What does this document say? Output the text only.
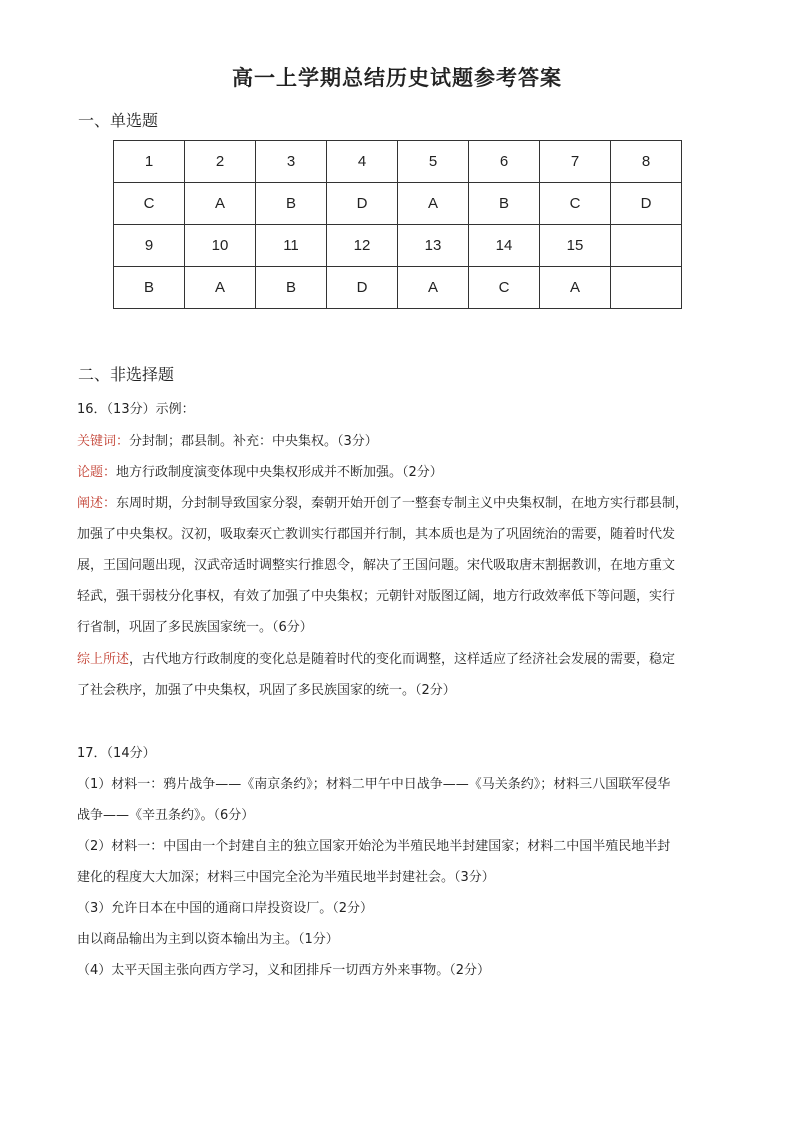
高一上学期总结历史试题参考答案
一、单选题
1	2	3	4	5	6	7	8
C	A	B	D	A	B	C	D
9	10	11	12	13	14	15	
B	A	B	D	A	C	A	
二、非选择题
16．（13分）示例：
关键词：分封制；郡县制。补充：中央集权。（3分）
论题：地方行政制度演变体现中央集权形成并不断加强。（2分）
阐述：东周时期，分封制导致国家分裂，秦朝开始开创了一整套专制主义中央集权制，在地方实行郡县制，
加强了中央集权。汉初，吸取秦灭亡教训实行郡国并行制，其本质也是为了巩固统治的需要，随着时代发
展，王国问题出现，汉武帝适时调整实行推恩令，解决了王国问题。宋代吸取唐末割据教训，在地方重文
轻武，强干弱枝分化事权，有效了加强了中央集权；元朝针对版图辽阔，地方行政效率低下等问题，实行
行省制，巩固了多民族国家统一。（6分）
综上所述，古代地方行政制度的变化总是随着时代的变化而调整，这样适应了经济社会发展的需要，稳定
了社会秩序，加强了中央集权，巩固了多民族国家的统一。（2分）
17．（14分）
（1）材料一：鸦片战争——《南京条约》；材料二甲午中日战争——《马关条约》；材料三八国联军侵华
战争——《辛丑条约》。（6分）
（2）材料一：中国由一个封建自主的独立国家开始沦为半殖民地半封建国家；材料二中国半殖民地半封
建化的程度大大加深；材料三中国完全沦为半殖民地半封建社会。（3分）
（3）允许日本在中国的通商口岸投资设厂。（2分）
由以商品输出为主到以资本输出为主。（1分）
（4）太平天国主张向西方学习，义和团排斥一切西方外来事物。（2分）
